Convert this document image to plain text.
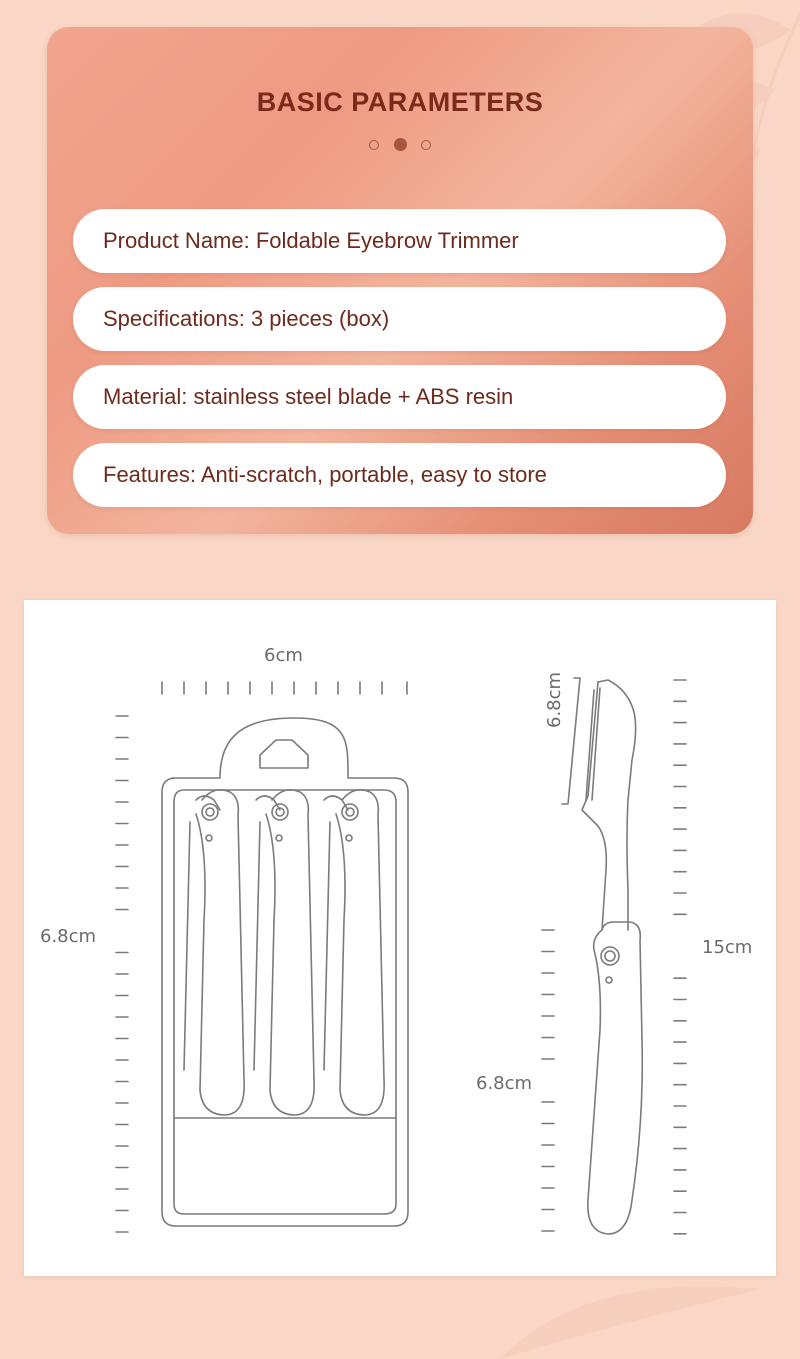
BASIC PARAMETERS

Product Name: Foldable Eyebrow Trimmer
Specifications: 3 pieces (box)
Material: stainless steel blade + ABS resin
Features: Anti-scratch, portable, easy to store
6cm
6.8cm
6.8cm
6.8cm
15cm
